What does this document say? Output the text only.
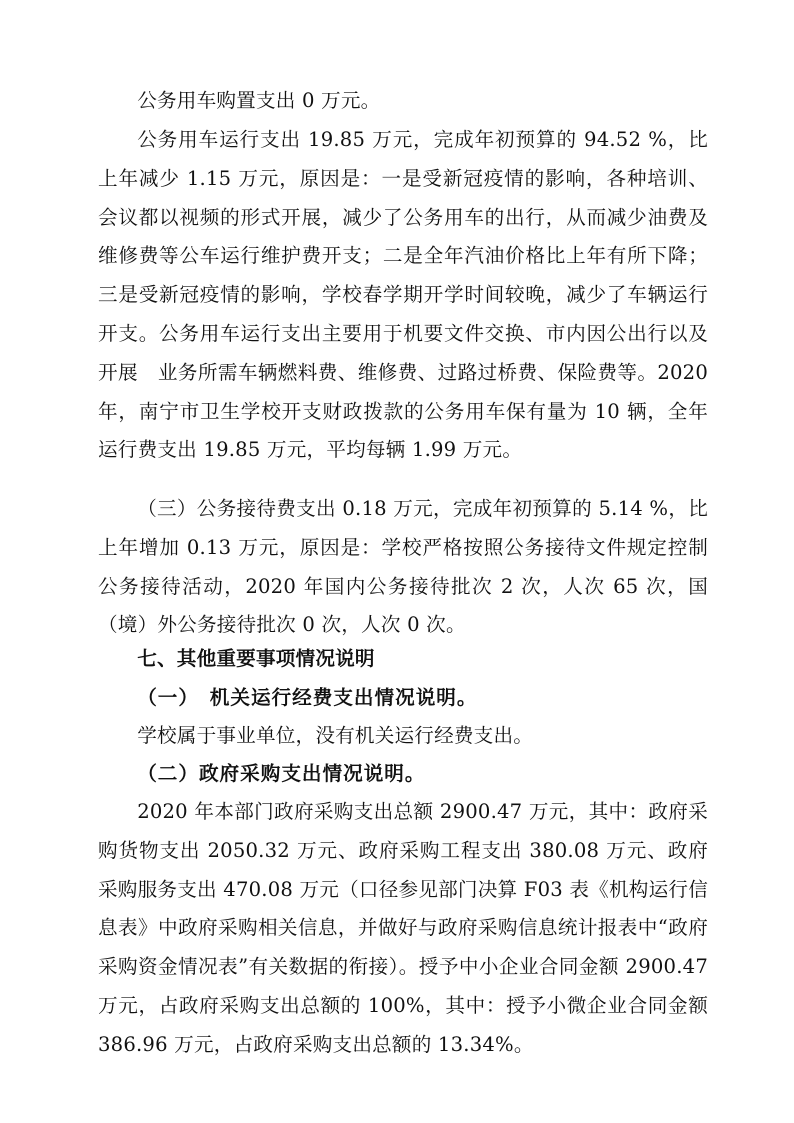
公务用车购置支出 0 万元。

公务用车运行支出 19.85 万元，完成年初预算的 94.52 %，比上年减少 1.15 万元，原因是：一是受新冠疫情的影响，各种培训、会议都以视频的形式开展，减少了公务用车的出行，从而减少油费及维修费等公车运行维护费开支；二是全年汽油价格比上年有所下降；三是受新冠疫情的影响，学校春学期开学时间较晚，减少了车辆运行开支。公务用车运行支出主要用于机要文件交换、市内因公出行以及开展　业务所需车辆燃料费、维修费、过路过桥费、保险费等。2020 年，南宁市卫生学校开支财政拨款的公务用车保有量为 10 辆，全年运行费支出 19.85 万元，平均每辆 1.99 万元。

（三）公务接待费支出 0.18 万元，完成年初预算的 5.14 %，比上年增加 0.13 万元，原因是：学校严格按照公务接待文件规定控制公务接待活动，2020 年国内公务接待批次 2 次，人次 65 次，国（境）外公务接待批次 0 次，人次 0 次。

七、其他重要事项情况说明

（一）　机关运行经费支出情况说明。

学校属于事业单位，没有机关运行经费支出。

（二）政府采购支出情况说明。

2020 年本部门政府采购支出总额 2900.47 万元，其中：政府采购货物支出 2050.32 万元、政府采购工程支出 380.08 万元、政府采购服务支出 470.08 万元（口径参见部门决算 F03 表《机构运行信息表》中政府采购相关信息，并做好与政府采购信息统计报表中“政府采购资金情况表”有关数据的衔接）。授予中小企业合同金额 2900.47 万元，占政府采购支出总额的 100%，其中：授予小微企业合同金额 386.96 万元，占政府采购支出总额的 13.34%。
